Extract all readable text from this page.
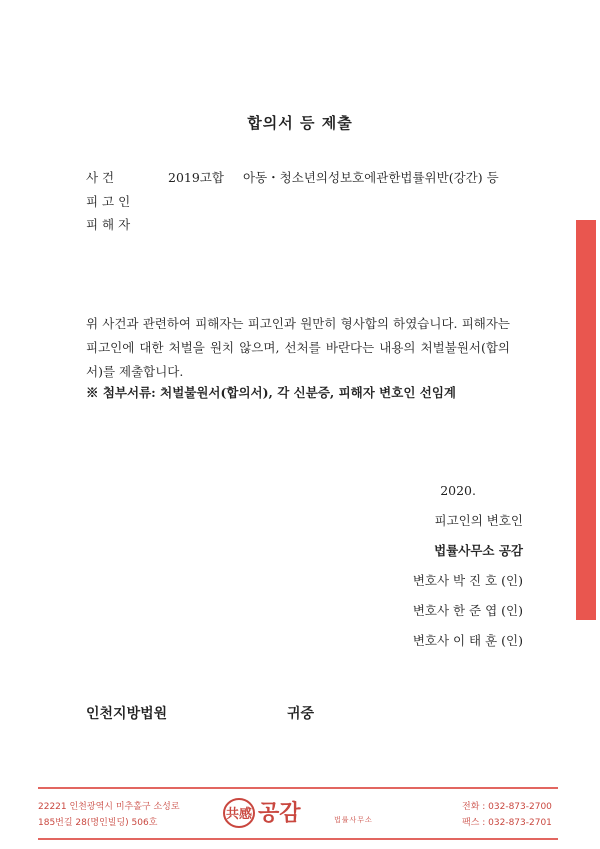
합의서 등 제출
사 건	2019고합 아동・청소년의성보호에관한법률위반(강간) 등
피 고 인
피 해 자
위 사건과 관련하여 피해자는 피고인과 원만히 형사합의 하였습니다. 피해자는 피고인에 대한 처벌을 원치 않으며, 선처를 바란다는 내용의 처벌불원서(합의서)를 제출합니다.
※ 첨부서류: 처벌불원서(합의서), 각 신분증, 피해자 변호인 선임계
2020.
피고인의 변호인
법률사무소 공감
변호사 박 진 호 (인)
변호사 한 준 엽 (인)
변호사 이 태 훈 (인)
인천지방법원	귀중
22221 인천광역시 미추홀구 소성로
185번길 28(명인빌딩) 506호
共感 공감	법률사무소
전화 : 032-873-2700
팩스 : 032-873-2701
